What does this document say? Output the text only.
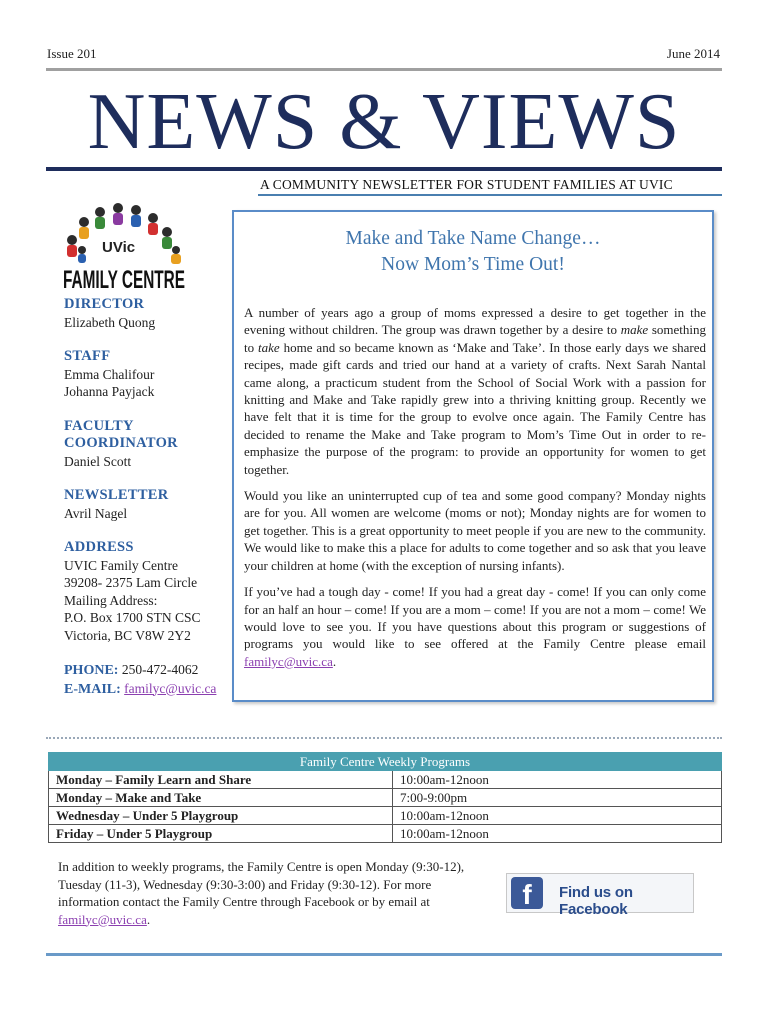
Issue 201	June 2014
NEWS & VIEWS
A COMMUNITY NEWSLETTER FOR STUDENT FAMILIES AT UVIC
UVic
FAMILY CENTRE
DIRECTOR
Elizabeth Quong
STAFF
Emma Chalifour
Johanna Payjack
FACULTY
COORDINATOR
Daniel Scott
NEWSLETTER
Avril Nagel
ADDRESS
UVIC Family Centre
39208- 2375 Lam Circle
Mailing Address:
P.O. Box 1700 STN CSC
Victoria, BC V8W 2Y2
PHONE: 250-472-4062
E-MAIL: familyc@uvic.ca
Make and Take Name Change…
Now Mom’s Time Out!

A number of years ago a group of moms expressed a desire to get together in the evening without children. The group was drawn together by a desire to make something to take home and so became known as ‘Make and Take’. In those early days we shared recipes, made gift cards and tried our hand at a variety of crafts. Next Sarah Nantal came along, a practicum student from the School of Social Work with a passion for knitting and Make and Take rapidly grew into a thriving knitting group. Recently we have felt that it is time for the group to evolve once again. The Family Centre has decided to rename the Make and Take program to Mom’s Time Out in order to re-emphasize the purpose of the program: to provide an opportunity for women to get together.

Would you like an uninterrupted cup of tea and some good company? Monday nights are for you. All women are welcome (moms or not); Monday nights are for women to get together. This is a great opportunity to meet people if you are new to the community. We would like to make this a place for adults to come together and so ask that you leave your children at home (with the exception of nursing infants).

If you’ve had a tough day - come! If you had a great day - come! If you can only come for an half an hour – come! If you are a mom – come! If you are not a mom – come! We would love to see you. If you have questions about this program or suggestions of programs you would like to see offered at the Family Centre please email familyc@uvic.ca.

Family Centre Weekly Programs	
Monday – Family Learn and Share	10:00am-12noon
Monday – Make and Take	7:00-9:00pm
Wednesday – Under 5 Playgroup	10:00am-12noon
Friday – Under 5 Playgroup	10:00am-12noon
In addition to weekly programs, the Family Centre is open Monday (9:30-12), Tuesday (11-3), Wednesday (9:30-3:00) and Friday (9:30-12). For more information contact the Family Centre through Facebook or by email at familyc@uvic.ca.
f	Find us on Facebook
